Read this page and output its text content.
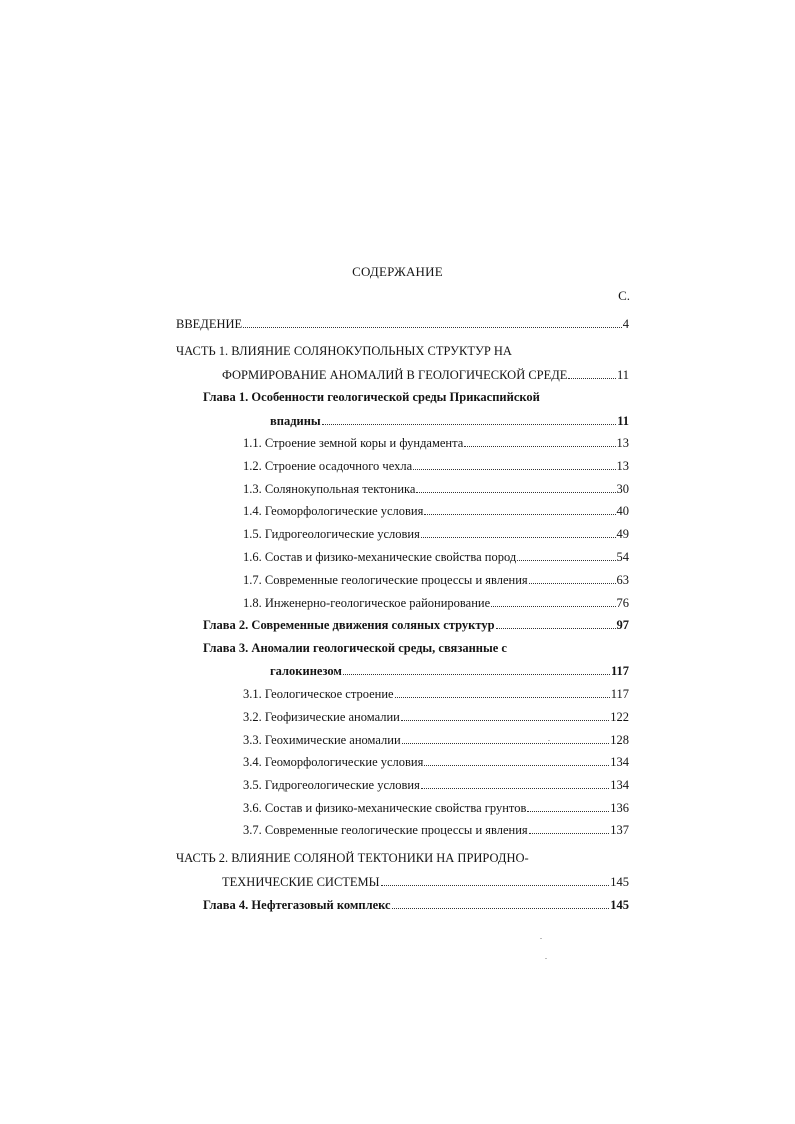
СОДЕРЖАНИЕ
С.
ВВЕДЕНИЕ	4
ЧАСТЬ 1. ВЛИЯНИЕ СОЛЯНОКУПОЛЬНЫХ СТРУКТУР НА
ФОРМИРОВАНИЕ АНОМАЛИЙ В ГЕОЛОГИЧЕСКОЙ СРЕДЕ	11
Глава 1. Особенности геологической среды Прикаспийской
впадины	11
1.1. Строение земной коры и фундамента	13
1.2. Строение осадочного чехла	13
1.3. Солянокупольная тектоника	30
1.4. Геоморфологические условия	40
1.5. Гидрогеологические условия	49
1.6. Состав и физико-механические свойства пород	54
1.7. Современные геологические процессы и явления	63
1.8. Инженерно-геологическое районирование	76
Глава 2. Современные движения соляных структур	97
Глава 3. Аномалии геологической среды, связанные с
галокинезом	117
3.1. Геологическое строение	117
3.2. Геофизические аномалии	122
3.3. Геохимические аномалии	128
3.4. Геоморфологические условия	134
3.5. Гидрогеологические условия	134
3.6. Состав и физико-механические свойства грунтов	136
3.7. Современные геологические процессы и явления	137
ЧАСТЬ 2. ВЛИЯНИЕ СОЛЯНОЙ ТЕКТОНИКИ НА ПРИРОДНО-
ТЕХНИЧЕСКИЕ СИСТЕМЫ	145
Глава 4. Нефтегазовый комплекс	145
